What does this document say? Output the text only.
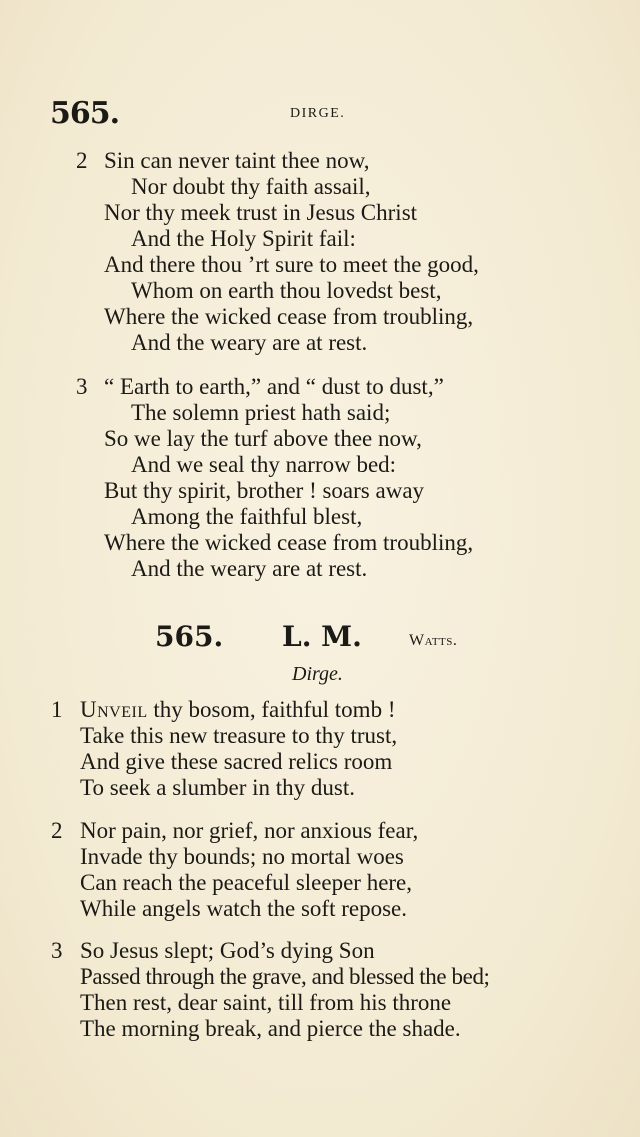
565.	DIRGE.
2 Sin can never taint thee now,
Nor doubt thy faith assail,
Nor thy meek trust in Jesus Christ
And the Holy Spirit fail:
And there thou ’rt sure to meet the good,
Whom on earth thou lovedst best,
Where the wicked cease from troubling,
And the weary are at rest.
3 “ Earth to earth,” and “ dust to dust,”
The solemn priest hath said;
So we lay the turf above thee now,
And we seal thy narrow bed:
But thy spirit, brother ! soars away
Among the faithful blest,
Where the wicked cease from troubling,
And the weary are at rest.
565. L. M.	Watts.
Dirge.
1 Unveil thy bosom, faithful tomb !
Take this new treasure to thy trust,
And give these sacred relics room
To seek a slumber in thy dust.
2 Nor pain, nor grief, nor anxious fear,
Invade thy bounds; no mortal woes
Can reach the peaceful sleeper here,
While angels watch the soft repose.
3 So Jesus slept; God’s dying Son
Passed through the grave, and blessed the bed;
Then rest, dear saint, till from his throne
The morning break, and pierce the shade.
